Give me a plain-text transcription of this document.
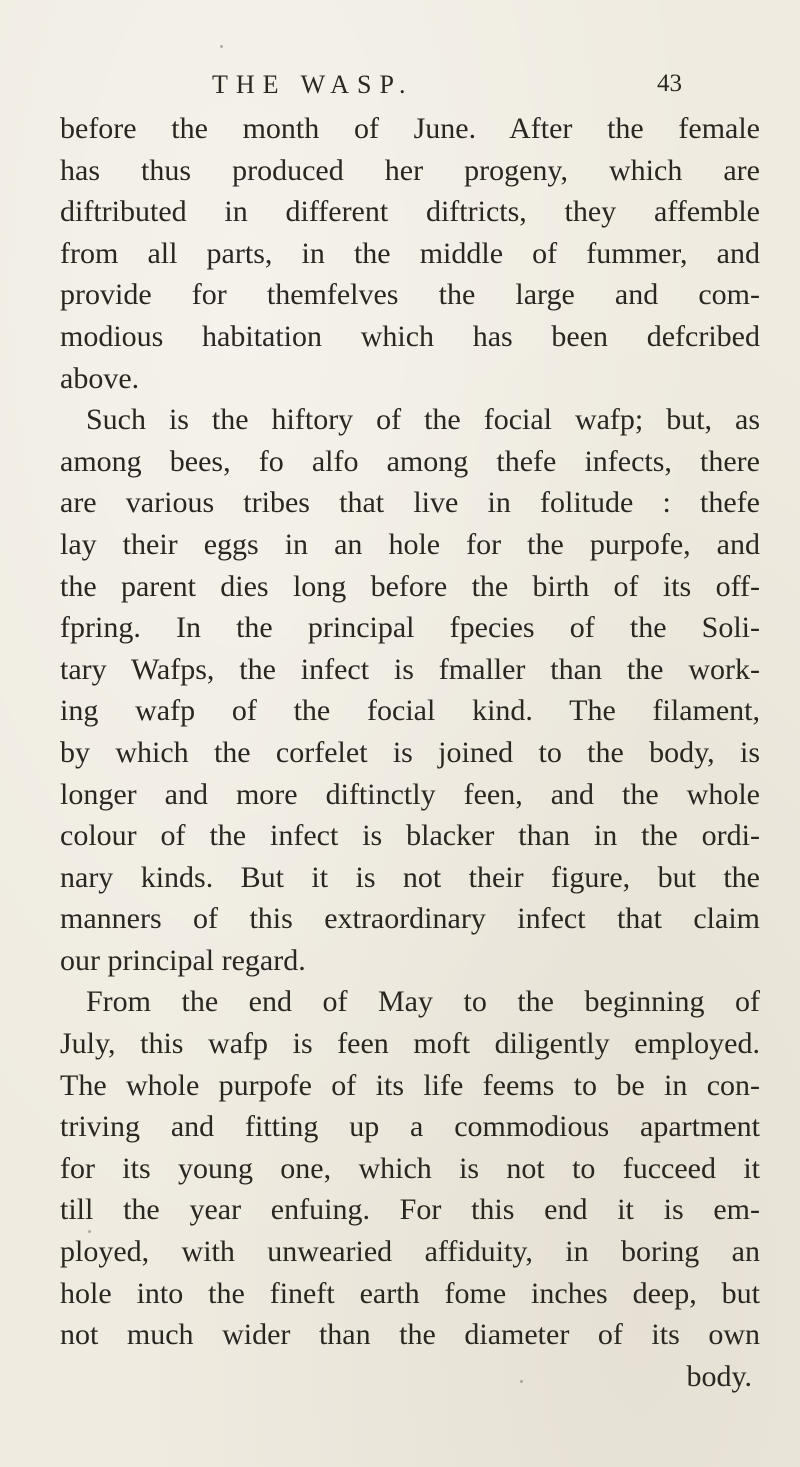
THE WASP.	43
before the month of June. After the female
has thus produced her progeny, which are
diftributed in different diftricts, they affemble
from all parts, in the middle of fummer, and
provide for themfelves the large and com-
modious habitation which has been defcribed
above.
Such is the hiftory of the focial wafp; but, as
among bees, fo alfo among thefe infects, there
are various tribes that live in folitude : thefe
lay their eggs in an hole for the purpofe, and
the parent dies long before the birth of its off-
fpring. In the principal fpecies of the Soli-
tary Wafps, the infect is fmaller than the work-
ing wafp of the focial kind. The filament,
by which the corfelet is joined to the body, is
longer and more diftinctly feen, and the whole
colour of the infect is blacker than in the ordi-
nary kinds. But it is not their figure, but the
manners of this extraordinary infect that claim
our principal regard.
From the end of May to the beginning of
July, this wafp is feen moft diligently employed.
The whole purpofe of its life feems to be in con-
triving and fitting up a commodious apartment
for its young one, which is not to fucceed it
till the year enfuing. For this end it is em-
ployed, with unwearied affiduity, in boring an
hole into the fineft earth fome inches deep, but
not much wider than the diameter of its own
body.
